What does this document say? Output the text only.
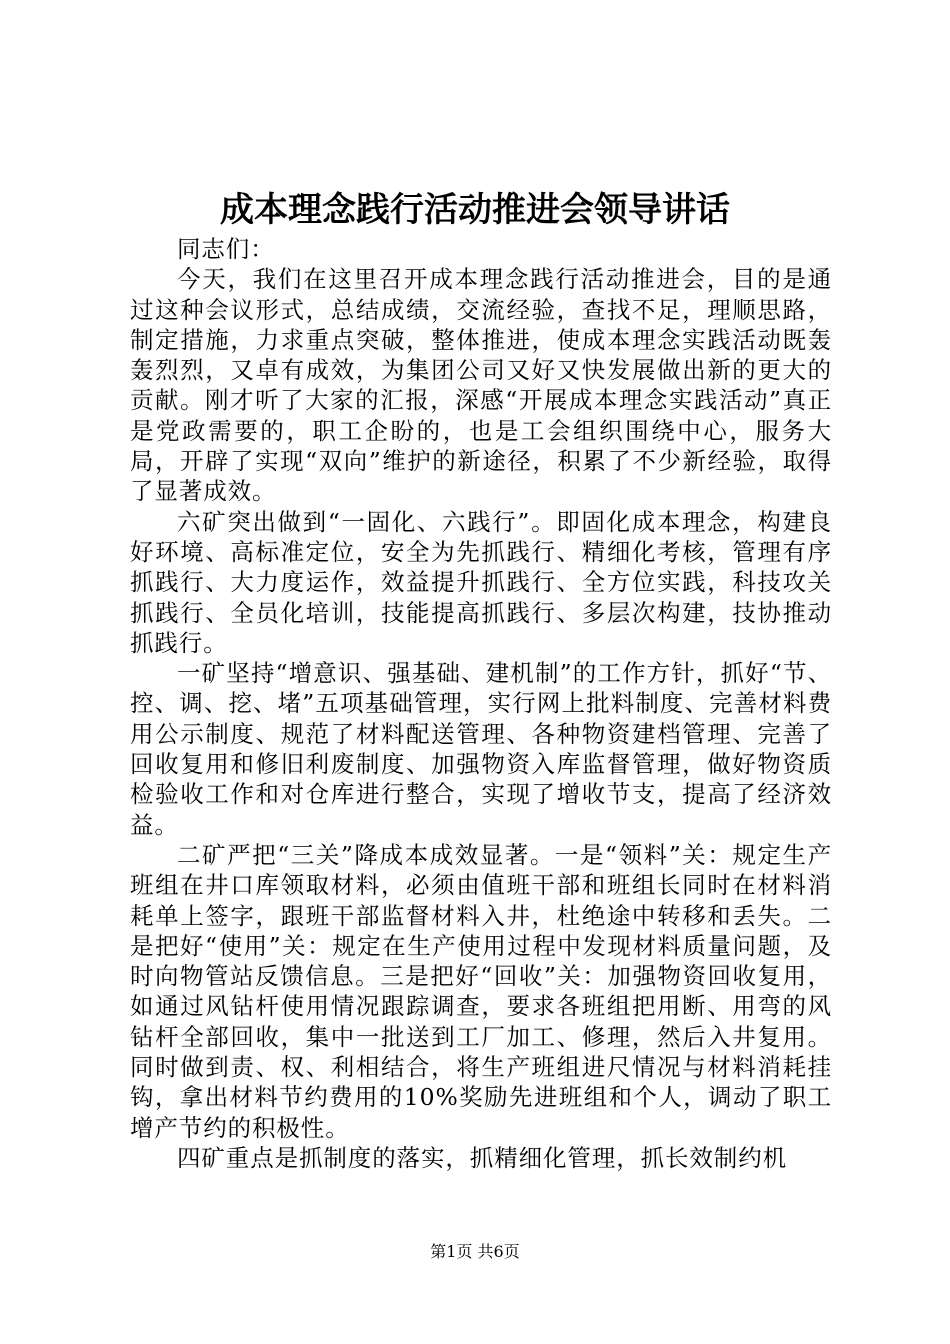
成本理念践行活动推进会领导讲话

同志们：

今天，我们在这里召开成本理念践行活动推进会，目的是通过这种会议形式，总结成绩，交流经验，查找不足，理顺思路，制定措施，力求重点突破，整体推进，使成本理念实践活动既轰轰烈烈，又卓有成效，为集团公司又好又快发展做出新的更大的贡献。刚才听了大家的汇报，深感“开展成本理念实践活动”真正是党政需要的，职工企盼的，也是工会组织围绕中心，服务大局，开辟了实现“双向”维护的新途径，积累了不少新经验，取得了显著成效。

六矿突出做到“一固化、六践行”。即固化成本理念，构建良好环境、高标准定位，安全为先抓践行、精细化考核，管理有序抓践行、大力度运作，效益提升抓践行、全方位实践，科技攻关抓践行、全员化培训，技能提高抓践行、多层次构建，技协推动抓践行。

一矿坚持“增意识、强基础、建机制”的工作方针，抓好“节、控、调、挖、堵”五项基础管理，实行网上批料制度、完善材料费用公示制度、规范了材料配送管理、各种物资建档管理、完善了回收复用和修旧利废制度、加强物资入库监督管理，做好物资质检验收工作和对仓库进行整合，实现了增收节支，提高了经济效益。

二矿严把“三关”降成本成效显著。一是“领料”关：规定生产班组在井口库领取材料，必须由值班干部和班组长同时在材料消耗单上签字，跟班干部监督材料入井，杜绝途中转移和丢失。二是把好“使用”关：规定在生产使用过程中发现材料质量问题，及时向物管站反馈信息。三是把好“回收”关：加强物资回收复用，如通过风钻杆使用情况跟踪调查，要求各班组把用断、用弯的风钻杆全部回收，集中一批送到工厂加工、修理，然后入井复用。同时做到责、权、利相结合，将生产班组进尺情况与材料消耗挂钩，拿出材料节约费用的10%奖励先进班组和个人，调动了职工增产节约的积极性。

四矿重点是抓制度的落实，抓精细化管理，抓长效制约机

第1页 共6页
